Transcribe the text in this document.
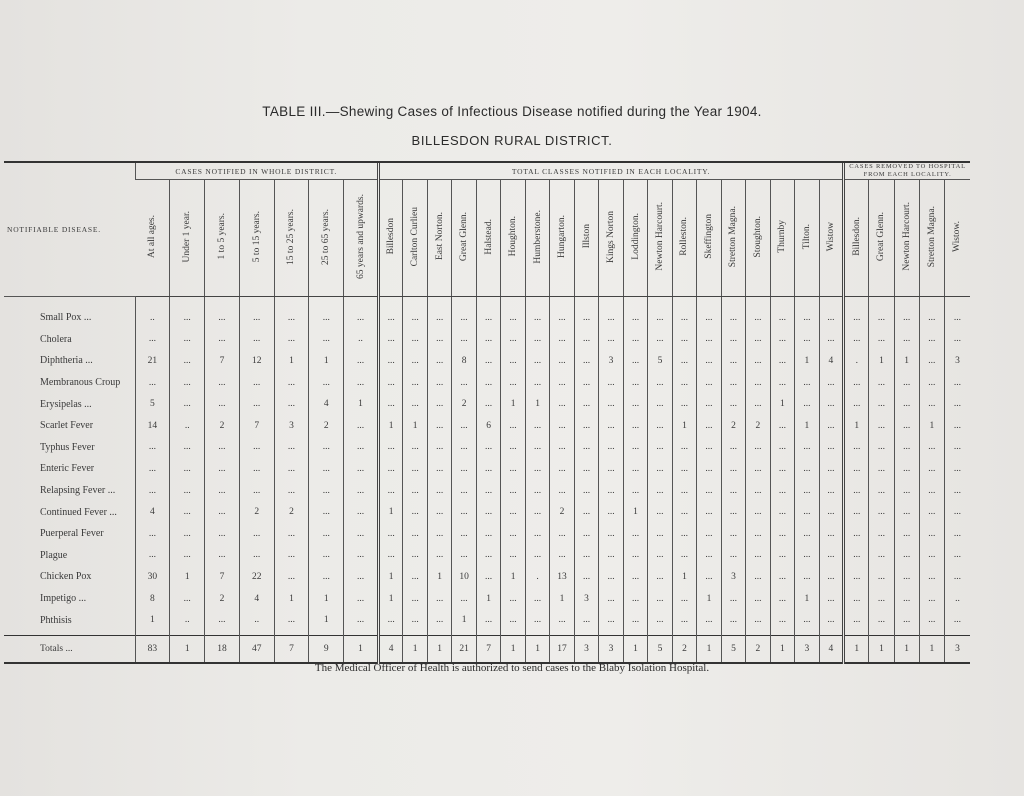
TABLE III.—Shewing Cases of Infectious Disease notified during the Year 1904.
BILLESDON RURAL DISTRICT.
NOTIFIABLE DISEASE.	CASES NOTIFIED IN WHOLE DISTRICT.							TOTAL CLASSES NOTIFIED IN EACH LOCALITY.																			CASES REMOVED TO HOSPITAL FROM EACH LOCALITY.				
	At all ages.	Under 1 year.	1 to 5 years.	5 to 15 years.	15 to 25 years.	25 to 65 years.	65 years and upwards.	Billesdon	Carlton Curlieu	East Norton.	Great Glenn.	Halstead.	Houghton.	Humberstone.	Hungarton.	Illston	Kings Norton	Loddington.	Newton Harcourt.	Rolleston.	Skeffington	Stretton Magna.	Stoughton.	Thurnby	Tilton.	Wistow	Billesdon.	Great Glenn.	Newton Harcourt.	Stretton Magna.	Wistow.

Small Pox ...	..	...	...	...	...	...	...	...	...	...	...	...	...	...	...	...	...	...	...	...	...	...	...	...	...	...	...	...	...	...	...
Cholera	...	...	...	...	...	...	..	...	...	...	...	...	...	...	...	...	...	...	...	...	...	...	...	...	...	...	...	...	...	...	...
Diphtheria ...	21	...	7	12	1	1	...	...	...	...	8	...	...	...	...	...	3	...	5	...	...	...	...	...	1	4	.	1	1	...	3
Membranous Croup	...	...	...	...	...	...	...	...	...	...	...	...	...	...	...	...	...	...	...	...	...	...	...	...	...	...	...	...	...	...	...
Erysipelas ...	5	...	...	...	...	4	1	...	...	...	2	...	1	1	...	...	...	...	...	...	...	...	...	1	...	...	...	...	...	...	...
Scarlet Fever	14	..	2	7	3	2	...	1	1	...	...	6	...	...	...	...	...	...	...	1	...	2	2	...	1	...	1	...	...	1	...
Typhus Fever	...	...	...	...	...	...	...	...	...	...	...	...	...	...	...	...	...	...	...	...	...	...	...	...	...	...	...	...	...	...	...
Enteric Fever	...	...	...	...	...	...	...	...	...	...	...	...	...	...	...	...	...	...	...	...	...	...	...	...	...	...	...	...	...	...	...
Relapsing Fever ...	...	...	...	...	...	...	...	...	...	...	...	...	...	...	...	...	...	...	...	...	...	...	...	...	...	...	...	...	...	...	...
Continued Fever ...	4	...	...	2	2	...	...	1	...	...	...	...	...	...	2	...	...	1	...	...	...	...	...	...	...	...	...	...	...	...	...
Puerperal Fever	...	...	...	...	...	...	...	...	...	...	...	...	...	...	...	...	...	...	...	...	...	...	...	...	...	...	...	...	...	...	...
Plague	...	...	...	...	...	...	...	...	...	...	...	...	...	...	...	...	...	...	...	...	...	...	...	...	...	...	...	...	...	...	...
Chicken Pox	30	1	7	22	...	...	...	1	...	1	10	...	1	.	13	...	...	...	...	1	...	3	...	...	...	...	...	...	...	...	...
Impetigo ...	8	...	2	4	1	1	...	1	...	...	...	1	...	...	1	3	...	...	...	...	1	...	...	...	1	...	...	...	...	...	..
Phthisis	1	..	...	..	...	1	...	...	...	...	1	...	...	...	...	...	...	...	...	...	...	...	...	...	...	...	...	...	...	...	...

Totals ...	83	1	18	47	7	9	1	4	1	1	21	7	1	1	17	3	3	1	5	2	1	5	2	1	3	4	1	1	1	1	3
The Medical Officer of Health is authorized to send cases to the Blaby Isolation Hospital.
